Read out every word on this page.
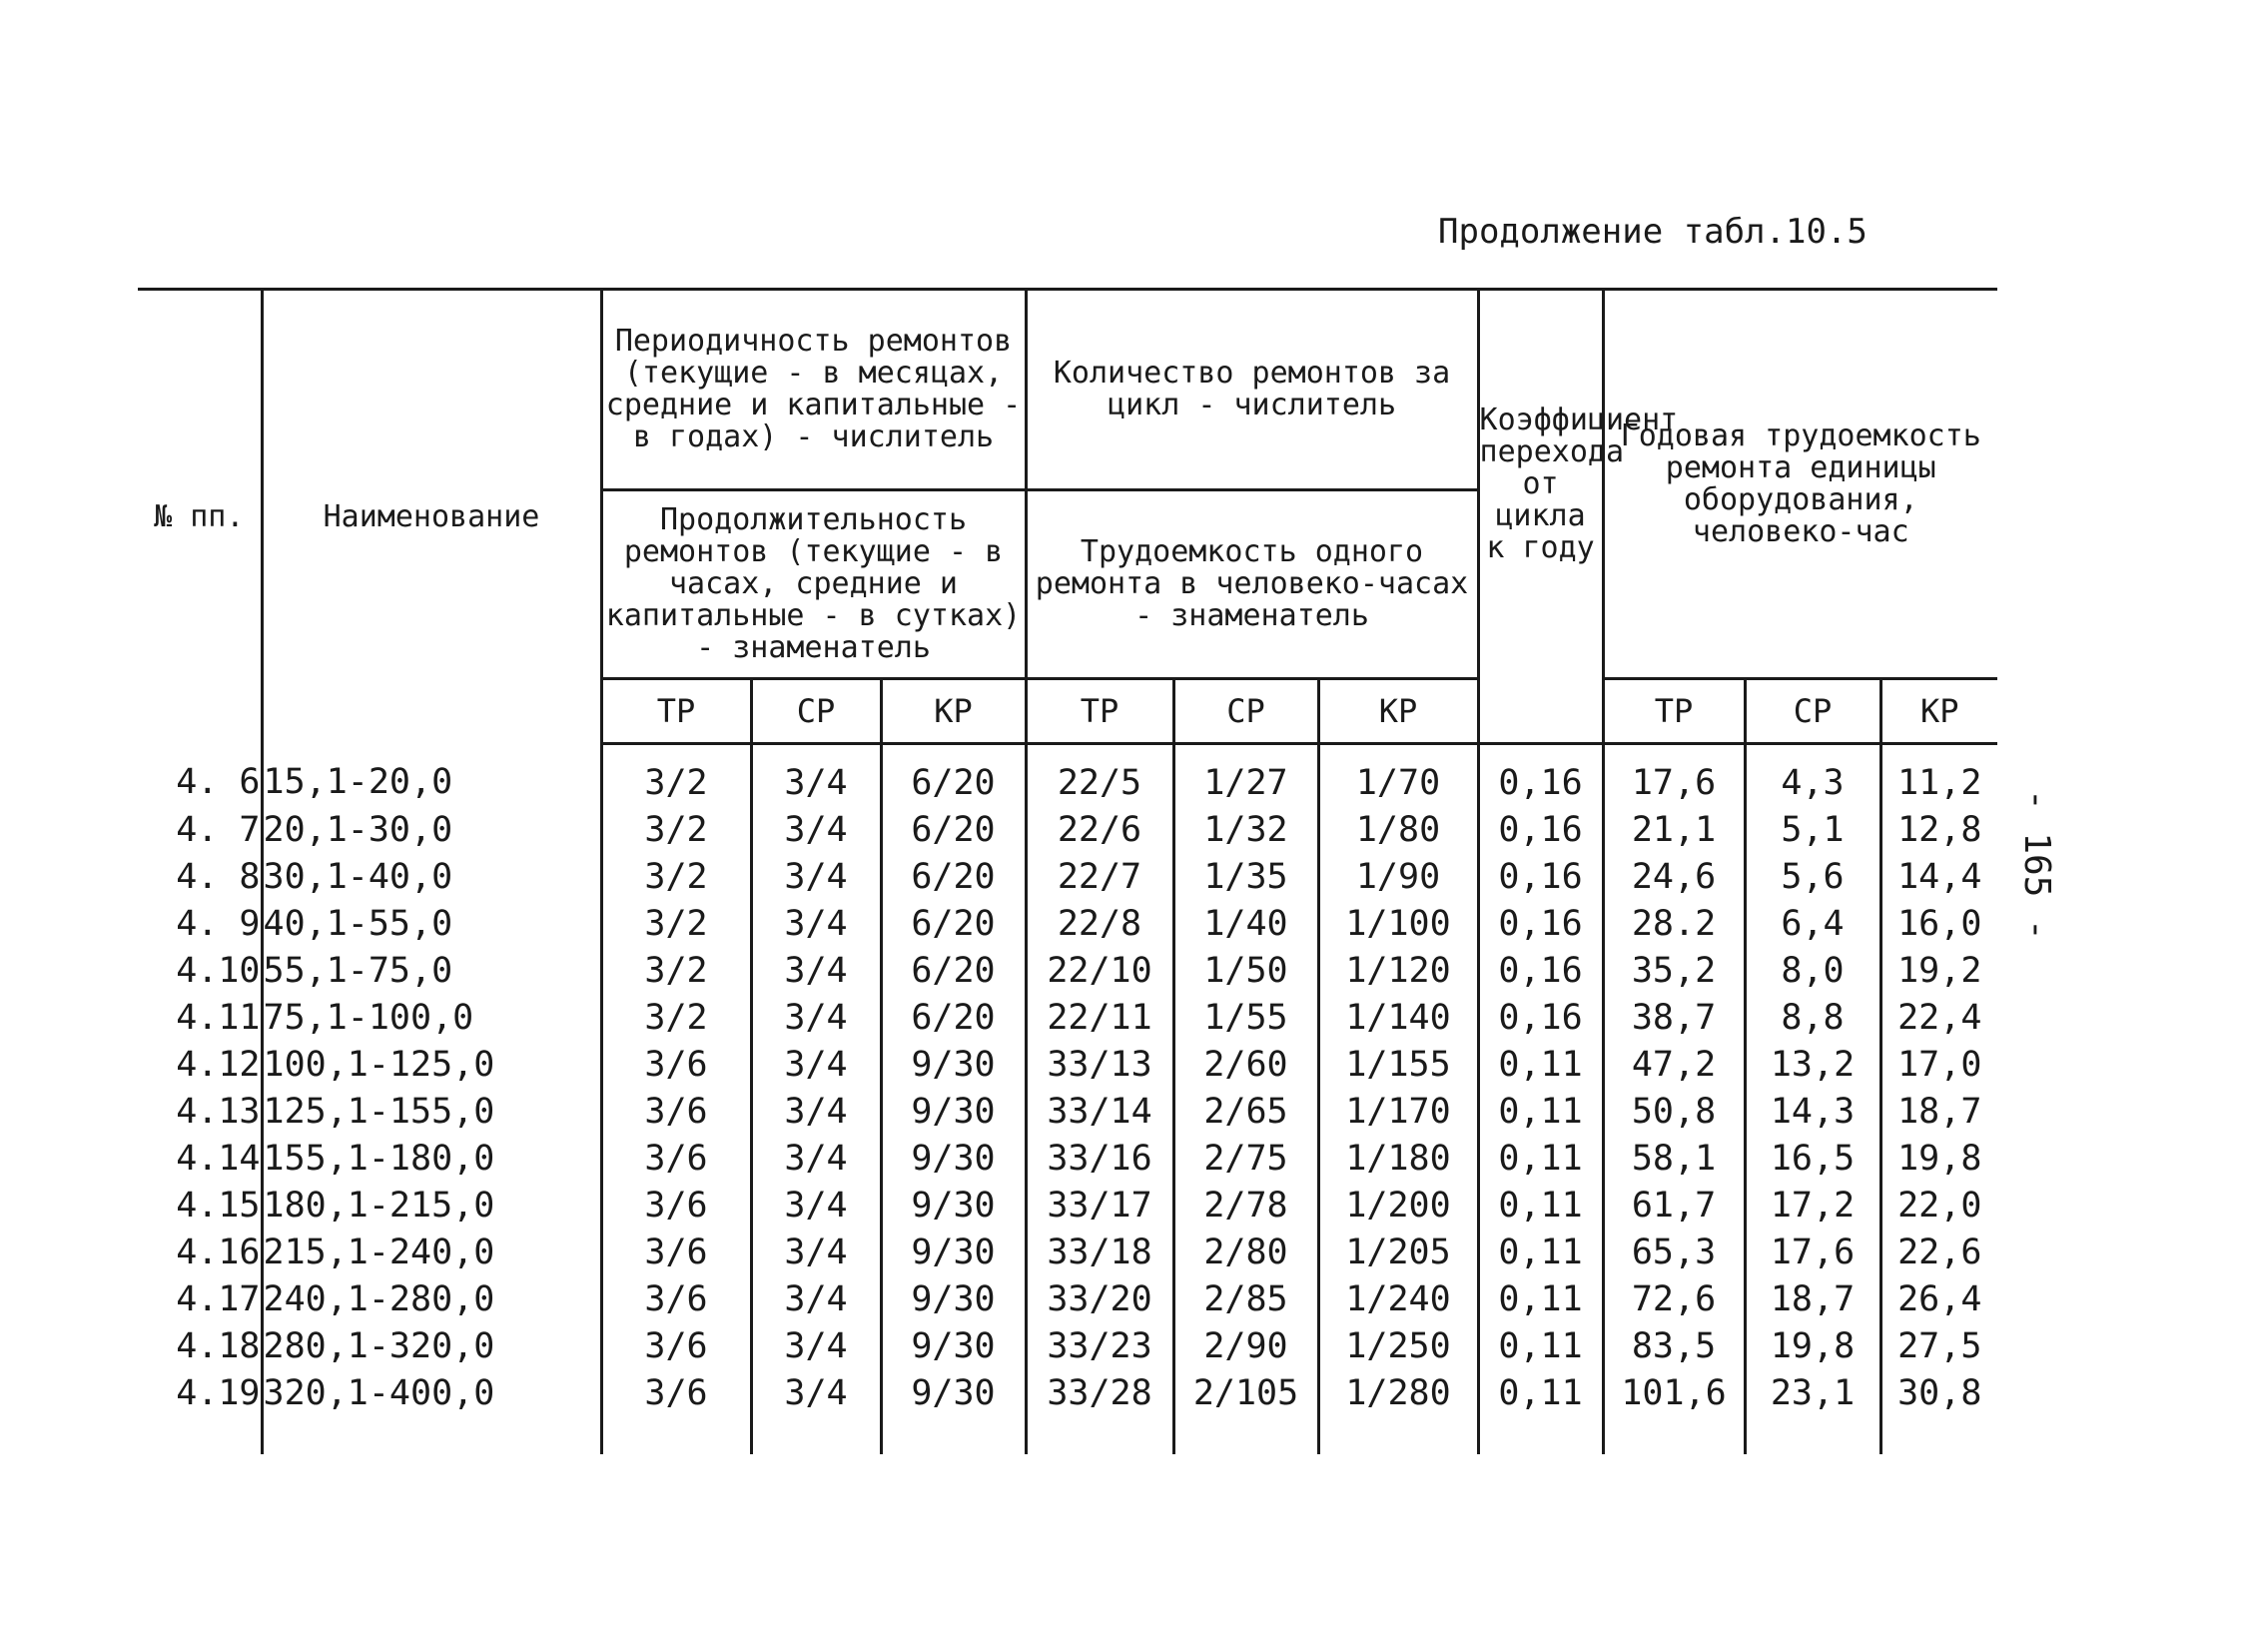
Продолжение табл.10.5
- 165 -
№ пп.	Наименование	Периодичность ремонтов (текущие - в месяцах, средние и капитальные - в годах) - числитель			Количество ремонтов за цикл - числитель			Коэффициент перехода от цикла к году	Годовая трудоемкость ремонта единицы оборудования, человеко-час		
		Продолжительность ремонтов (текущие - в часах, средние и капитальные - в сутках) - знаменатель			Трудоемкость одного ремонта в человеко-часах - знаменатель						
		ТР	СР	КР	ТР	СР	КР		ТР	СР	КР
4. 6	15,1-20,0	3/2	3/4	6/20	22/5	1/27	1/70	0,16	17,6	4,3	11,2
4. 7	20,1-30,0	3/2	3/4	6/20	22/6	1/32	1/80	0,16	21,1	5,1	12,8
4. 8	30,1-40,0	3/2	3/4	6/20	22/7	1/35	1/90	0,16	24,6	5,6	14,4
4. 9	40,1-55,0	3/2	3/4	6/20	22/8	1/40	1/100	0,16	28.2	6,4	16,0
4.10	55,1-75,0	3/2	3/4	6/20	22/10	1/50	1/120	0,16	35,2	8,0	19,2
4.11	75,1-100,0	3/2	3/4	6/20	22/11	1/55	1/140	0,16	38,7	8,8	22,4
4.12	100,1-125,0	3/6	3/4	9/30	33/13	2/60	1/155	0,11	47,2	13,2	17,0
4.13	125,1-155,0	3/6	3/4	9/30	33/14	2/65	1/170	0,11	50,8	14,3	18,7
4.14	155,1-180,0	3/6	3/4	9/30	33/16	2/75	1/180	0,11	58,1	16,5	19,8
4.15	180,1-215,0	3/6	3/4	9/30	33/17	2/78	1/200	0,11	61,7	17,2	22,0
4.16	215,1-240,0	3/6	3/4	9/30	33/18	2/80	1/205	0,11	65,3	17,6	22,6
4.17	240,1-280,0	3/6	3/4	9/30	33/20	2/85	1/240	0,11	72,6	18,7	26,4
4.18	280,1-320,0	3/6	3/4	9/30	33/23	2/90	1/250	0,11	83,5	19,8	27,5
4.19	320,1-400,0	3/6	3/4	9/30	33/28	2/105	1/280	0,11	101,6	23,1	30,8
